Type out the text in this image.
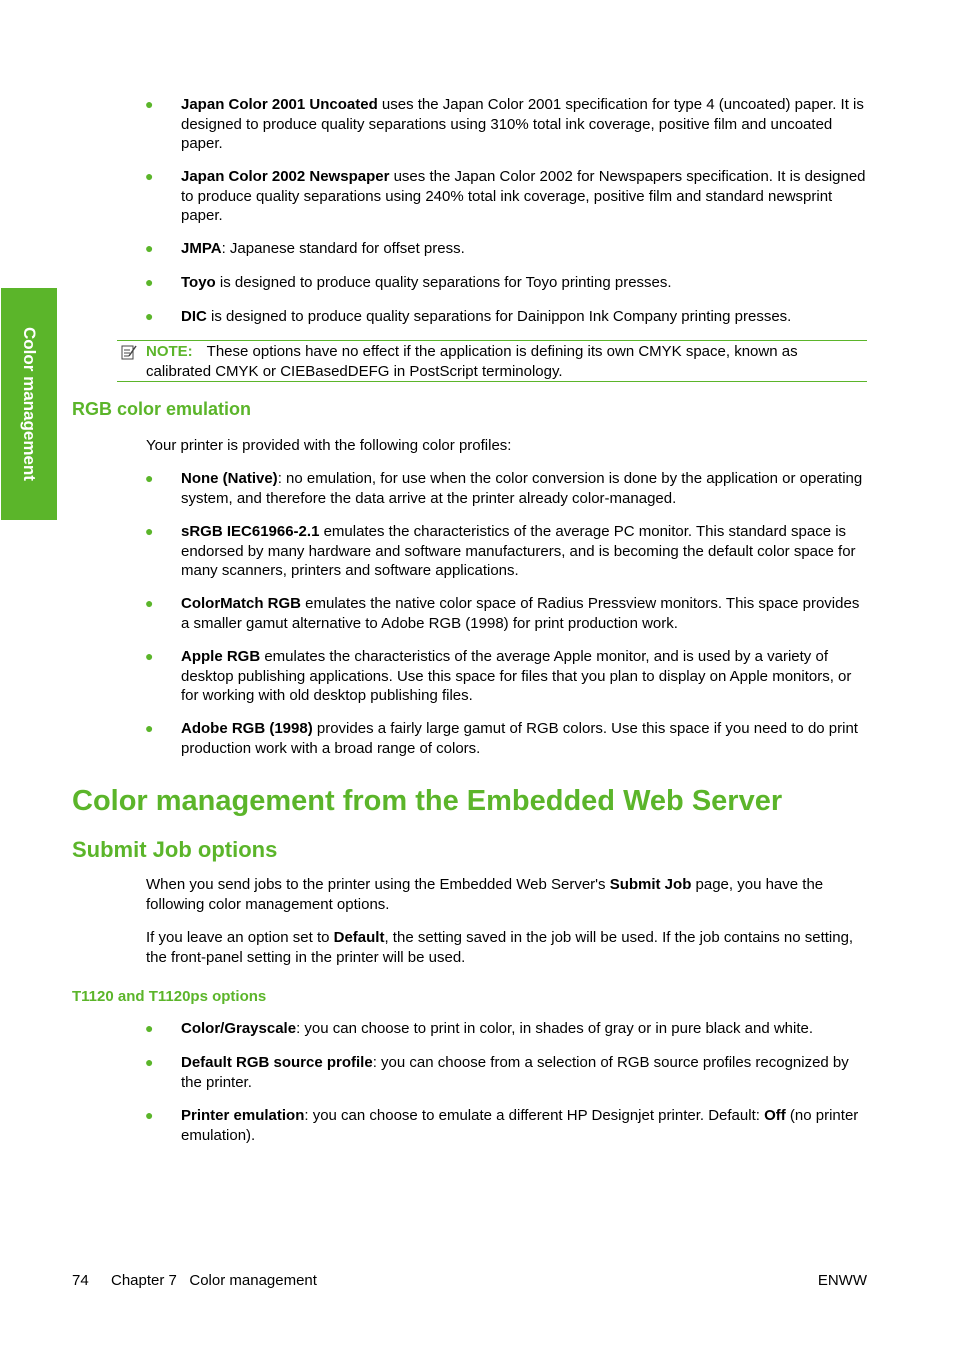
Color management
● Japan Color 2001 Uncoated uses the Japan Color 2001 specification for type 4 (uncoated) paper. It is designed to produce quality separations using 310% total ink coverage, positive film and uncoated paper.
● Japan Color 2002 Newspaper uses the Japan Color 2002 for Newspapers specification. It is designed to produce quality separations using 240% total ink coverage, positive film and standard newsprint paper.
● JMPA: Japanese standard for offset press.
● Toyo is designed to produce quality separations for Toyo printing presses.
● DIC is designed to produce quality separations for Dainippon Ink Company printing presses.
NOTE: These options have no effect if the application is defining its own CMYK space, known as calibrated CMYK or CIEBasedDEFG in PostScript terminology.
RGB color emulation
Your printer is provided with the following color profiles:
● None (Native): no emulation, for use when the color conversion is done by the application or operating system, and therefore the data arrive at the printer already color-managed.
● sRGB IEC61966-2.1 emulates the characteristics of the average PC monitor. This standard space is endorsed by many hardware and software manufacturers, and is becoming the default color space for many scanners, printers and software applications.
● ColorMatch RGB emulates the native color space of Radius Pressview monitors. This space provides a smaller gamut alternative to Adobe RGB (1998) for print production work.
● Apple RGB emulates the characteristics of the average Apple monitor, and is used by a variety of desktop publishing applications. Use this space for files that you plan to display on Apple monitors, or for working with old desktop publishing files.
● Adobe RGB (1998) provides a fairly large gamut of RGB colors. Use this space if you need to do print production work with a broad range of colors.
Color management from the Embedded Web Server
Submit Job options
When you send jobs to the printer using the Embedded Web Server's Submit Job page, you have the following color management options.
If you leave an option set to Default, the setting saved in the job will be used. If the job contains no setting, the front-panel setting in the printer will be used.
T1120 and T1120ps options
● Color/Grayscale: you can choose to print in color, in shades of gray or in pure black and white.
● Default RGB source profile: you can choose from a selection of RGB source profiles recognized by the printer.
● Printer emulation: you can choose to emulate a different HP Designjet printer. Default: Off (no printer emulation).
74 Chapter 7   Color management	ENWW
